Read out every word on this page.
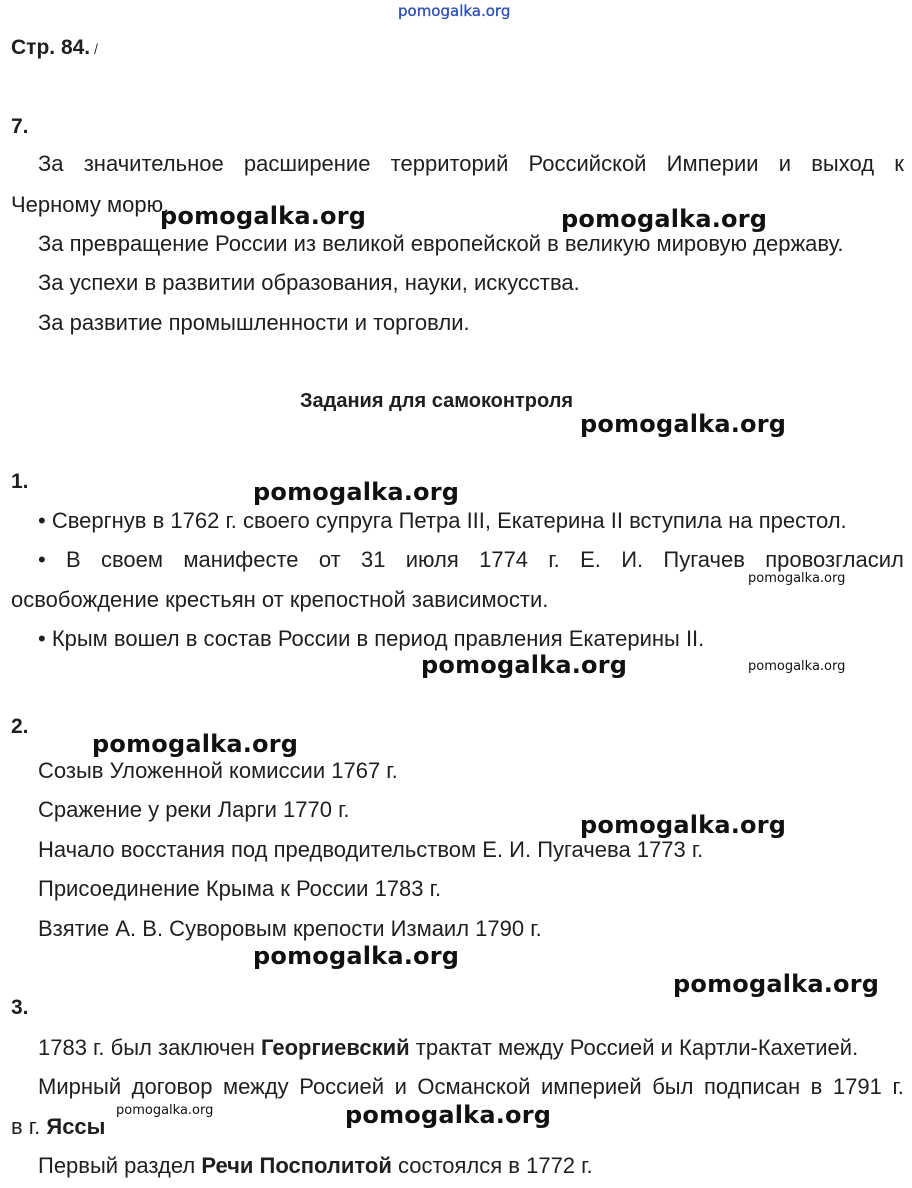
pomogalka.org
Стр. 84.
7.
За значительное расширение территорий Российской Империи и выход к
Черному морю.
За превращение России из великой европейской в великую мировую державу.
За успехи в развитии образования, науки, искусства.
За развитие промышленности и торговли.
Задания для самоконтроля
1.
• Свергнув в 1762 г. своего супруга Петра III, Екатерина II вступила на престол.
• В своем манифесте от 31 июля 1774 г. Е. И. Пугачев провозгласил
освобождение крестьян от крепостной зависимости.
• Крым вошел в состав России в период правления Екатерины II.
2.
Созыв Уложенной комиссии 1767 г.
Сражение у реки Ларги 1770 г.
Начало восстания под предводительством Е. И. Пугачева 1773 г.
Присоединение Крыма к России 1783 г.
Взятие А. В. Суворовым крепости Измаил 1790 г.
3.
1783 г. был заключен Георгиевский трактат между Россией и Картли-Кахетией.
Мирный договор между Россией и Османской империей был подписан в 1791 г.
в г. Яссы
Первый раздел Речи Посполитой состоялся в 1772 г.
pomogalka.org	pomogalka.org
pomogalka.org
pomogalka.org
pomogalka.org
pomogalka.org
pomogalka.org
pomogalka.org
pomogalka.org
pomogalka.org
pomogalka.org
pomogalka.org
pomogalka.org
